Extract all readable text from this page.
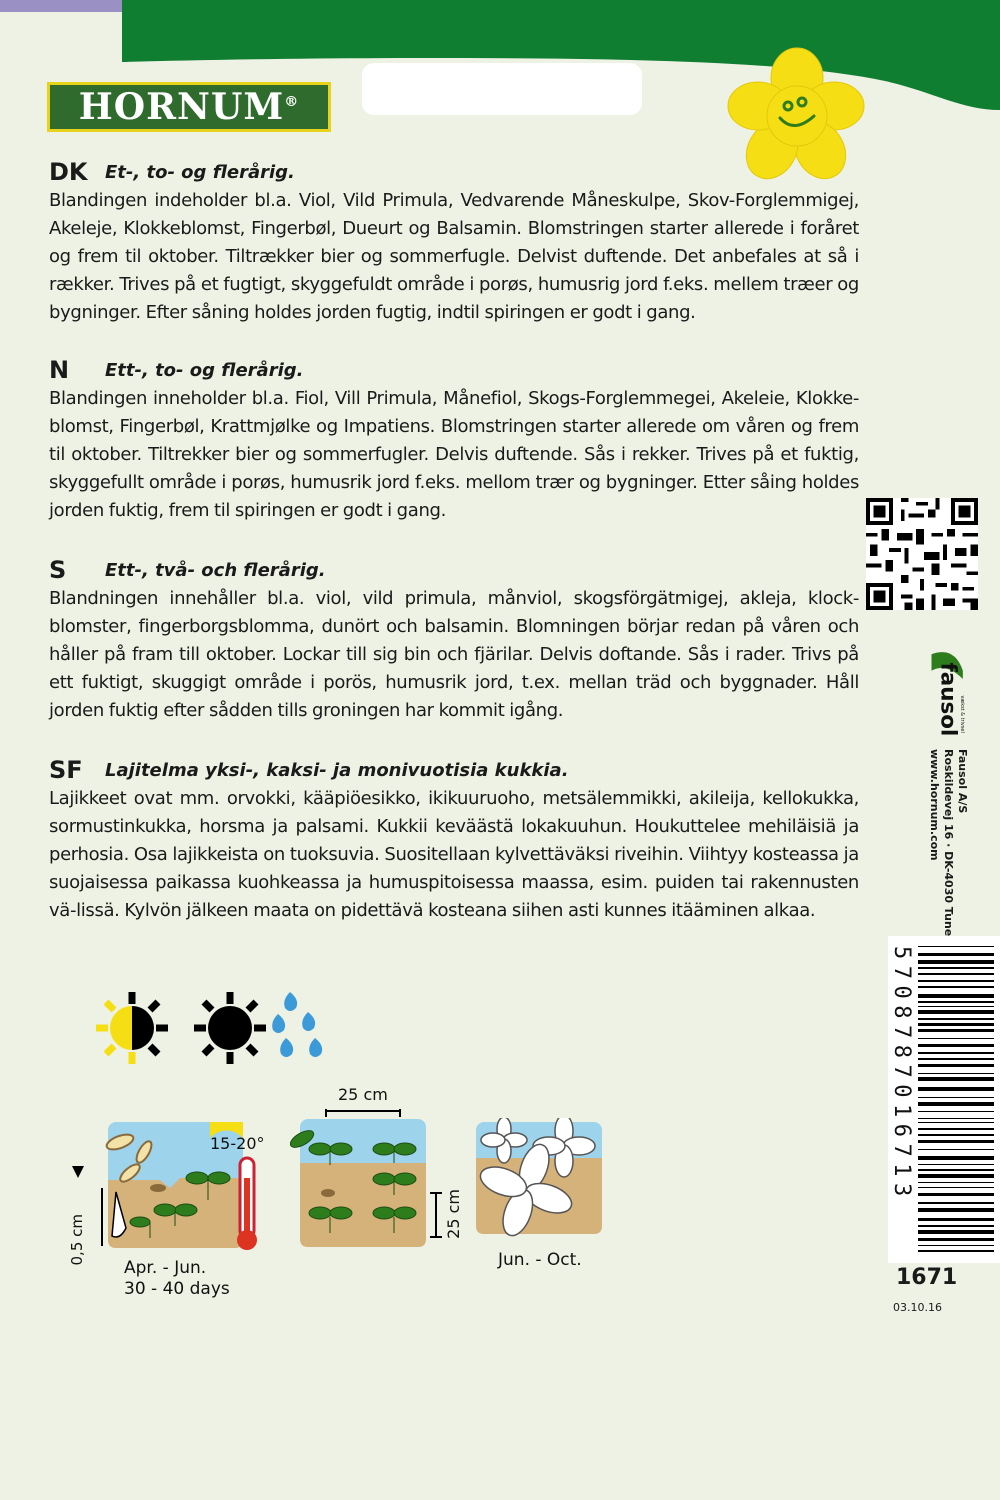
HORNUM®
DK Et-, to- og flerårig.

Blandingen indeholder bl.a. Viol, Vild Primula, Vedvarende Måneskulpe, Skov-Forglemmigej, Akeleje, Klokkeblomst, Fingerbøl, Dueurt og Balsamin. Blomstringen starter allerede i foråret og frem til oktober. Tiltrækker bier og sommerfugle. Delvist duftende. Det anbefales at så i rækker. Trives på et fugtigt, skyggefuldt område i porøs, humusrig jord f.eks. mellem træer og bygninger. Efter såning holdes jorden fugtig, indtil spiringen er godt i gang.

N	Ett-, to- og flerårig.

Blandingen inneholder bl.a. Fiol, Vill Primula, Månefiol, Skogs-Forglemmegei, Akeleie, Klokke-blomst, Fingerbøl, Krattmjølke og Impatiens. Blomstringen starter allerede om våren og frem til oktober. Tiltrekker bier og sommerfugler. Delvis duftende. Sås i rekker. Trives på et fuktig, skyggefullt område i porøs, humusrik jord f.eks. mellom trær og bygninger. Etter såing holdes jorden fuktig, frem til spiringen er godt i gang.

S	Ett-, två- och flerårig.

Blandningen innehåller bl.a. viol, vild primula, månviol, skogsförgätmigej, akleja, klock-blomster, fingerborgsblomma, dunört och balsamin. Blomningen börjar redan på våren och håller på fram till oktober. Lockar till sig bin och fjärilar. Delvis doftande. Sås i rader. Trivs på ett fuktigt, skuggigt område i porös, humusrik jord, t.ex. mellan träd och byggnader. Håll jorden fuktig efter sådden tills groningen har kommit igång.

SF	Lajitelma yksi-, kaksi- ja monivuotisia kukkia.

Lajikkeet ovat mm. orvokki, kääpiöesikko, ikikuuruoho, metsälemmikki, akileija, kellokukka, sormustinkukka, horsma ja palsami. Kukkii keväästä lokakuuhun. Houkuttelee mehiläisiä ja perhosia. Osa lajikkeista on tuoksuvia. Suositellaan kylvettäväksi riveihin. Viihtyy kosteassa ja suojaisessa paikassa kuohkeassa ja humuspitoisessa maassa, esim. puiden tai rakennusten vä-lissä. Kylvön jälkeen maata on pidettävä kosteana siihen asti kunnes itääminen alkaa.

fausol
vækst & trivsel
Fausol A/S
Roskildevej 16 · DK-4030 Tune
www.hornum.com
5708787016713
1671
03.10.16
15-20°
0,5 cm
Apr. - Jun.
30 - 40 days
25 cm
25 cm
Jun. - Oct.
